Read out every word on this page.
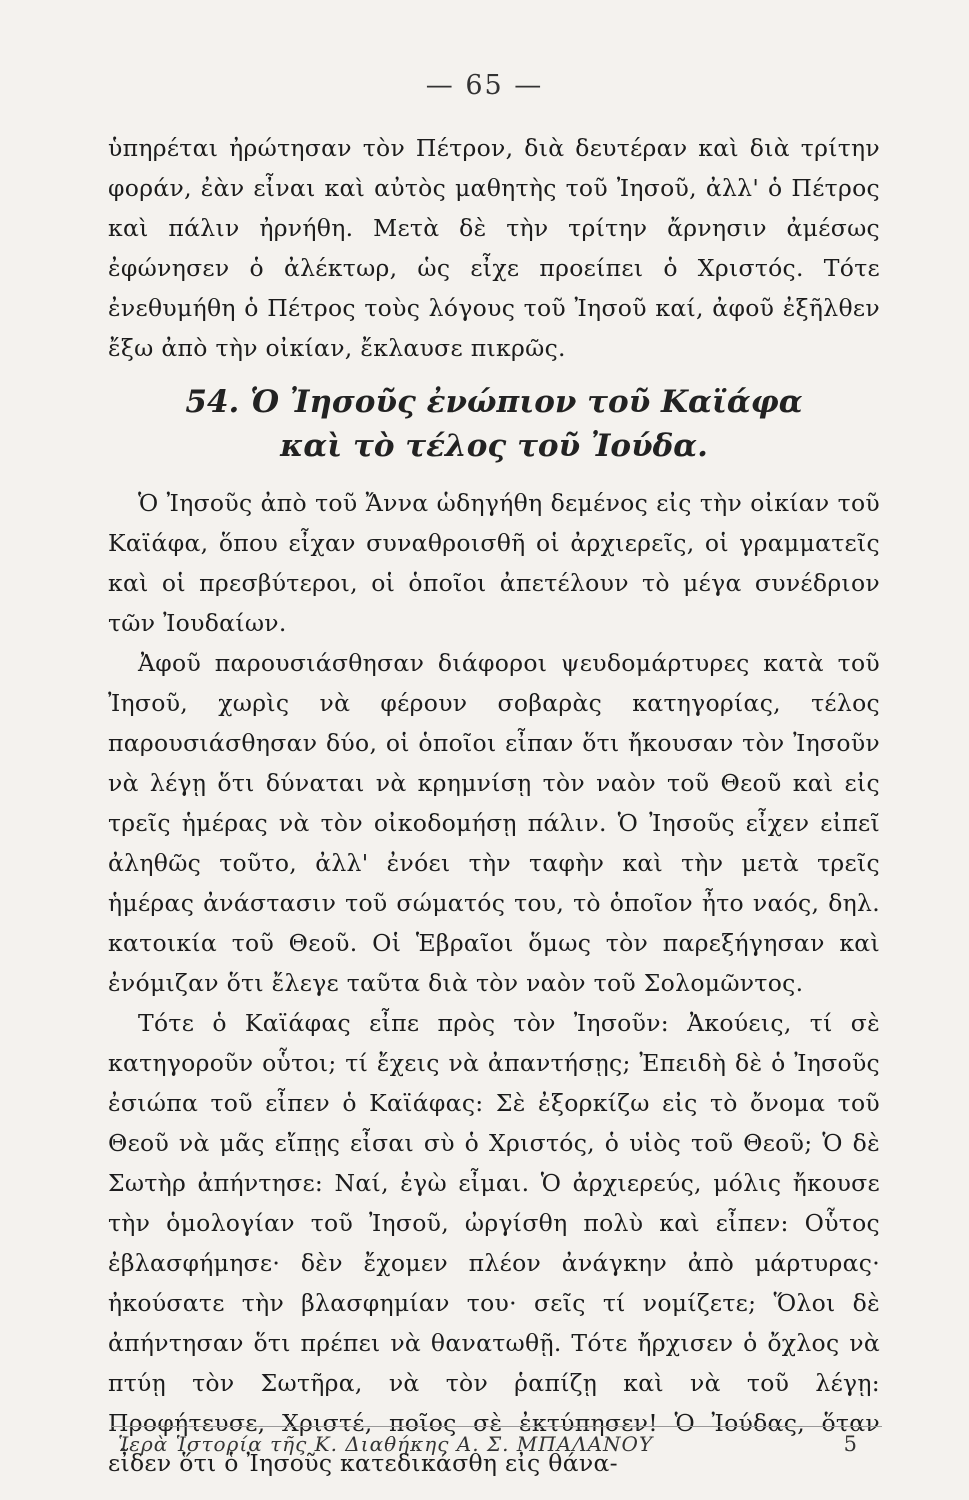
— 65 —

ὑπηρέται ἠρώτησαν τὸν Πέτρον, διὰ δευτέραν καὶ διὰ τρίτην φοράν, ἐὰν εἶναι καὶ αὐτὸς μαθητὴς τοῦ Ἰησοῦ, ἀλλ' ὁ Πέτρος καὶ πάλιν ἠρνήθη. Μετὰ δὲ τὴν τρίτην ἄρνησιν ἀμέσως ἐφώνησεν ὁ ἀλέκτωρ, ὡς εἶχε προείπει ὁ Χριστός. Τότε ἐνεθυμήθη ὁ Πέτρος τοὺς λόγους τοῦ Ἰησοῦ καί, ἀφοῦ ἐξῆλθεν ἔξω ἀπὸ τὴν οἰκίαν, ἔκλαυσε πικρῶς.

54. Ὁ Ἰησοῦς ἐνώπιον τοῦ Καϊάφα
καὶ τὸ τέλος τοῦ Ἰούδα.

Ὁ Ἰησοῦς ἀπὸ τοῦ Ἄννα ὡδηγήθη δεμένος εἰς τὴν οἰκίαν τοῦ Καϊάφα, ὅπου εἶχαν συναθροισθῆ οἱ ἀρχιερεῖς, οἱ γραμματεῖς καὶ οἱ πρεσβύτεροι, οἱ ὁποῖοι ἀπετέλουν τὸ μέγα συνέδριον τῶν Ἰουδαίων.

Ἀφοῦ παρουσιάσθησαν διάφοροι ψευδομάρτυρες κατὰ τοῦ Ἰησοῦ, χωρὶς νὰ φέρουν σοβαρὰς κατηγορίας, τέλος παρουσιάσθησαν δύο, οἱ ὁποῖοι εἶπαν ὅτι ἤκουσαν τὸν Ἰησοῦν νὰ λέγῃ ὅτι δύναται νὰ κρημνίσῃ τὸν ναὸν τοῦ Θεοῦ καὶ εἰς τρεῖς ἡμέρας νὰ τὸν οἰκοδομήσῃ πάλιν. Ὁ Ἰησοῦς εἶχεν εἰπεῖ ἀληθῶς τοῦτο, ἀλλ' ἐνόει τὴν ταφὴν καὶ τὴν μετὰ τρεῖς ἡμέρας ἀνάστασιν τοῦ σώματός του, τὸ ὁποῖον ἦτο ναός, δηλ. κατοικία τοῦ Θεοῦ. Οἱ Ἑβραῖοι ὅμως τὸν παρεξήγησαν καὶ ἐνόμιζαν ὅτι ἔλεγε ταῦτα διὰ τὸν ναὸν τοῦ Σολομῶντος.

Τότε ὁ Καϊάφας εἶπε πρὸς τὸν Ἰησοῦν: Ἀκούεις, τί σὲ κατηγοροῦν οὗτοι; τί ἔχεις νὰ ἀπαντήσῃς; Ἐπειδὴ δὲ ὁ Ἰησοῦς ἐσιώπα τοῦ εἶπεν ὁ Καϊάφας: Σὲ ἐξορκίζω εἰς τὸ ὄνομα τοῦ Θεοῦ νὰ μᾶς εἴπῃς εἶσαι σὺ ὁ Χριστός, ὁ υἱὸς τοῦ Θεοῦ; Ὁ δὲ Σωτὴρ ἀπήντησε: Ναί, ἐγὼ εἶμαι. Ὁ ἀρχιερεύς, μόλις ἤκουσε τὴν ὁμολογίαν τοῦ Ἰησοῦ, ὠργίσθη πολὺ καὶ εἶπεν: Οὗτος ἐβλασφήμησε· δὲν ἔχομεν πλέον ἀνάγκην ἀπὸ μάρτυρας· ἠκούσατε τὴν βλασφημίαν του· σεῖς τί νομίζετε; Ὅλοι δὲ ἀπήντησαν ὅτι πρέπει νὰ θανατωθῇ. Τότε ἤρχισεν ὁ ὄχλος νὰ πτύῃ τὸν Σωτῆρα, νὰ τὸν ῥαπίζῃ καὶ νὰ τοῦ λέγῃ: Προφήτευσε, Χριστέ, ποῖος σὲ ἐκτύπησεν! Ὁ Ἰούδας, ὅταν εἶδεν ὅτι ὁ Ἰησοῦς κατεδικάσθη εἰς θάνα-

Ἱερὰ Ἱστορία τῆς Κ. Διαθήκης Α. Σ. ΜΠΑΛΑΝΟΥ	5
